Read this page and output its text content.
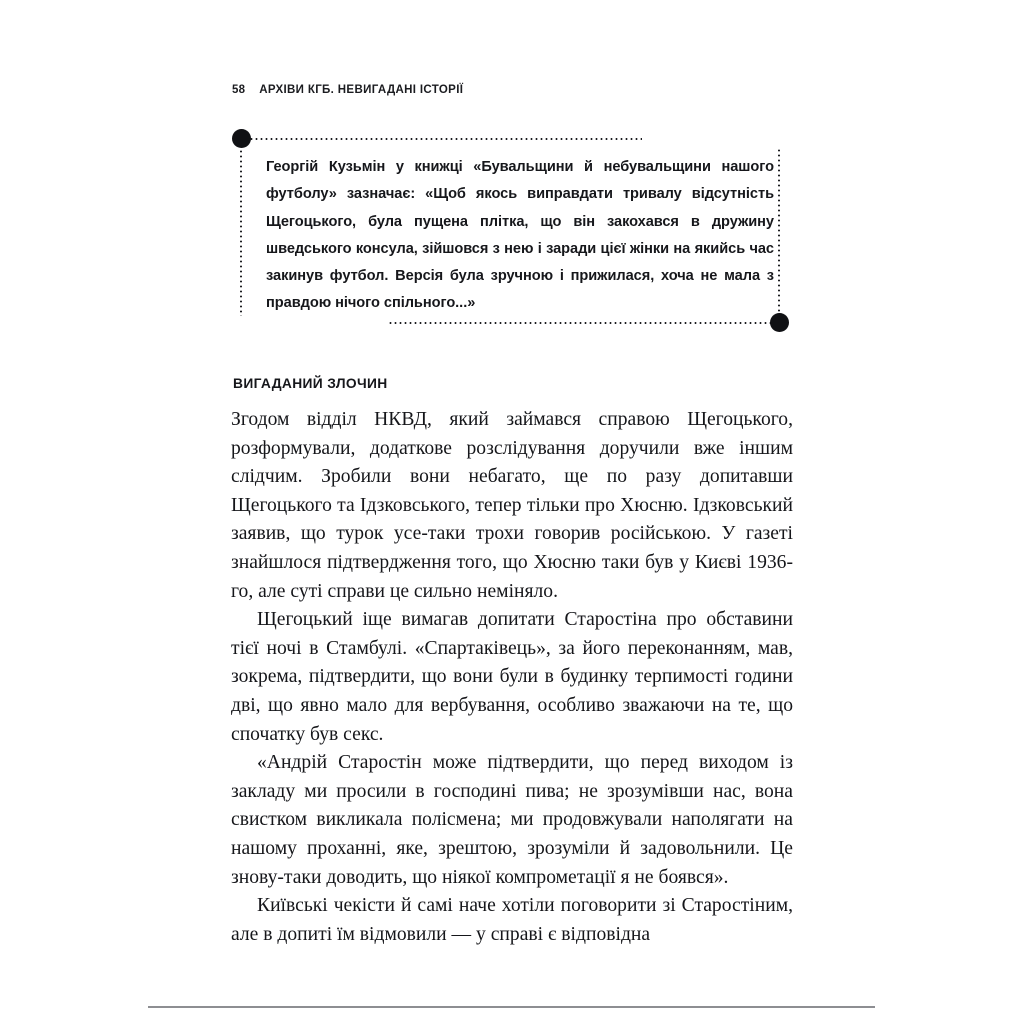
58 АРХІВИ КГБ. НЕВИГАДАНІ ІСТОРІЇ
Георгій Кузьмін у книжці «Бувальщини й небувальщини нашого футболу» зазначає: «Щоб якось виправдати тривалу відсутність Щегоцького, була пущена плітка, що він закохався в дружину шведського консула, зійшовся з нею і заради цієї жінки на якийсь час закинув футбол. Версія була зручною і прижилася, хоча не мала з правдою нічого спільного...»
ВИГАДАНИЙ ЗЛОЧИН

Згодом відділ НКВД, який займався справою Щегоцького, розформували, додаткове розслідування доручили вже іншим слідчим. Зробили вони небагато, ще по разу допитавши Щегоцького та Ідзковського, тепер тільки про Хюсню. Ідзковський заявив, що турок усе-таки трохи говорив російською. У газеті знайшлося підтвердження того, що Хюсню таки був у Києві 1936-го, але суті справи це сильно неміняло.

Щегоцький іще вимагав допитати Старостіна про обставини тієї ночі в Стамбулі. «Спартаківець», за його переконанням, мав, зокрема, підтвердити, що вони були в будинку терпимості години дві, що явно мало для вербування, особливо зважаючи на те, що спочатку був секс.

«Андрій Старостін може підтвердити, що перед виходом із закладу ми просили в господині пива; не зрозумівши нас, вона свистком викликала полісмена; ми продовжували наполягати на нашому проханні, яке, зрештою, зрозуміли й задовольнили. Це знову-таки доводить, що ніякої компрометації я не боявся».

Київські чекісти й самі наче хотіли поговорити зі Старостіним, але в допиті їм відмовили — у справі є відповідна
